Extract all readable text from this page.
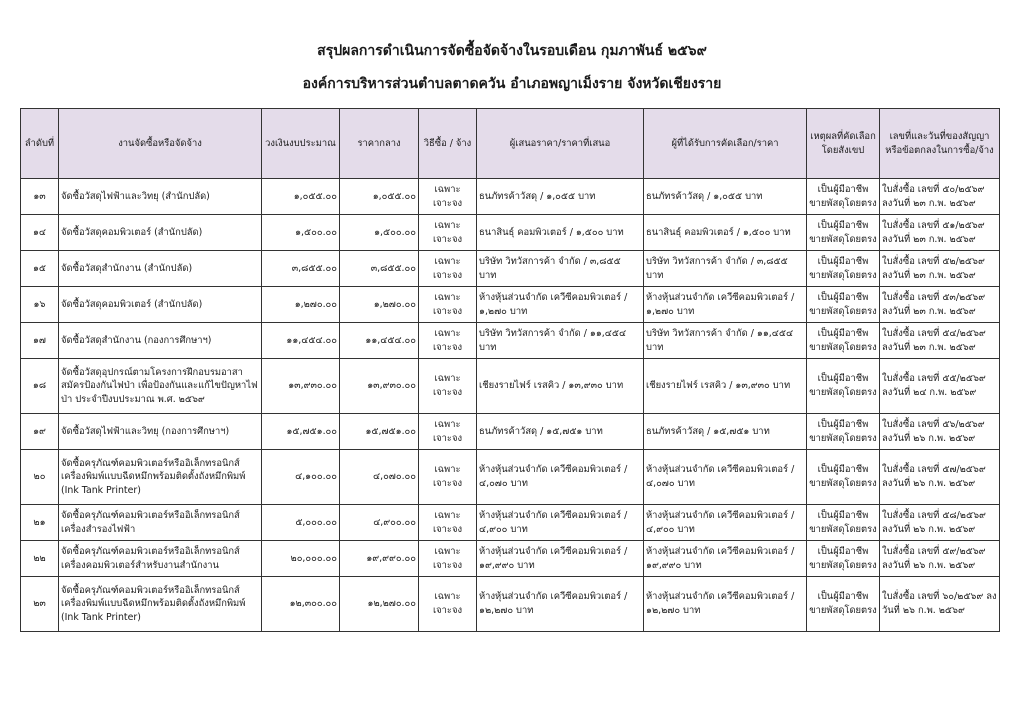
สรุปผลการดำเนินการจัดซื้อจัดจ้างในรอบเดือน กุมภาพันธ์ ๒๕๖๙
องค์การบริหารส่วนตำบลตาดควัน อำเภอพญาเม็งราย จังหวัดเชียงราย
ลำดับที่	งานจัดซื้อหรือจัดจ้าง	วงเงินงบประมาณ	ราคากลาง	วิธีซื้อ / จ้าง	ผู้เสนอราคา/ราคาที่เสนอ	ผู้ที่ได้รับการคัดเลือก/ราคา	เหตุผลที่คัดเลือก โดยสังเขป	เลขที่และวันที่ของสัญญา หรือข้อตกลงในการซื้อ/จ้าง
๑๓	จัดซื้อวัสดุไฟฟ้าและวิทยุ (สำนักปลัด)	๑,๐๕๕.๐๐	๑,๐๕๕.๐๐	เฉพาะเจาะจง	ธนภัทรค้าวัสดุ / ๑,๐๕๕ บาท	ธนภัทรค้าวัสดุ / ๑,๐๕๕ บาท	เป็นผู้มีอาชีพ ขายพัสดุโดยตรง	ใบสั่งซื้อ เลขที่ ๕๐/๒๕๖๙ ลงวันที่ ๒๓ ก.พ. ๒๕๖๙
๑๔	จัดซื้อวัสดุคอมพิวเตอร์ (สำนักปลัด)	๑,๕๐๐.๐๐	๑,๕๐๐.๐๐	เฉพาะเจาะจง	ธนาสินธุ์ คอมพิวเตอร์ / ๑,๕๐๐ บาท	ธนาสินธุ์ คอมพิวเตอร์ / ๑,๕๐๐ บาท	เป็นผู้มีอาชีพ ขายพัสดุโดยตรง	ใบสั่งซื้อ เลขที่ ๕๑/๒๕๖๙ ลงวันที่ ๒๓ ก.พ. ๒๕๖๙
๑๕	จัดซื้อวัสดุสำนักงาน (สำนักปลัด)	๓,๘๕๕.๐๐	๓,๘๕๕.๐๐	เฉพาะเจาะจง	บริษัท วิทวัสการค้า จำกัด / ๓,๘๕๕ บาท	บริษัท วิทวัสการค้า จำกัด / ๓,๘๕๕ บาท	เป็นผู้มีอาชีพ ขายพัสดุโดยตรง	ใบสั่งซื้อ เลขที่ ๕๒/๒๕๖๙ ลงวันที่ ๒๓ ก.พ. ๒๕๖๙
๑๖	จัดซื้อวัสดุคอมพิวเตอร์ (สำนักปลัด)	๑,๒๗๐.๐๐	๑,๒๗๐.๐๐	เฉพาะเจาะจง	ห้างหุ้นส่วนจำกัด เควีซีคอมพิวเตอร์ / ๑,๒๗๐ บาท	ห้างหุ้นส่วนจำกัด เควีซีคอมพิวเตอร์ / ๑,๒๗๐ บาท	เป็นผู้มีอาชีพ ขายพัสดุโดยตรง	ใบสั่งซื้อ เลขที่ ๕๓/๒๕๖๙ ลงวันที่ ๒๓ ก.พ. ๒๕๖๙
๑๗	จัดซื้อวัสดุสำนักงาน (กองการศึกษาฯ)	๑๑,๔๕๔.๐๐	๑๑,๔๕๔.๐๐	เฉพาะเจาะจง	บริษัท วิทวัสการค้า จำกัด / ๑๑,๔๕๔ บาท	บริษัท วิทวัสการค้า จำกัด / ๑๑,๔๕๔ บาท	เป็นผู้มีอาชีพ ขายพัสดุโดยตรง	ใบสั่งซื้อ เลขที่ ๕๔/๒๕๖๙ ลงวันที่ ๒๓ ก.พ. ๒๕๖๙
๑๘	จัดซื้อวัสดุอุปกรณ์ตามโครงการฝึกอบรมอาสาสมัครป้องกันไฟป่า เพื่อป้องกันและแก้ไขปัญหาไฟป่า ประจำปีงบประมาณ พ.ศ. ๒๕๖๙	๑๓,๙๓๐.๐๐	๑๓,๙๓๐.๐๐	เฉพาะเจาะจง	เชียงรายไฟร์ เรสคิว / ๑๓,๙๓๐ บาท	เชียงรายไฟร์ เรสคิว / ๑๓,๙๓๐ บาท	เป็นผู้มีอาชีพ ขายพัสดุโดยตรง	ใบสั่งซื้อ เลขที่ ๕๕/๒๕๖๙ ลงวันที่ ๒๔ ก.พ. ๒๕๖๙
๑๙	จัดซื้อวัสดุไฟฟ้าและวิทยุ (กองการศึกษาฯ)	๑๕,๗๕๑.๐๐	๑๕,๗๕๑.๐๐	เฉพาะเจาะจง	ธนภัทรค้าวัสดุ / ๑๕,๗๕๑ บาท	ธนภัทรค้าวัสดุ / ๑๕,๗๕๑ บาท	เป็นผู้มีอาชีพ ขายพัสดุโดยตรง	ใบสั่งซื้อ เลขที่ ๕๖/๒๕๖๙ ลงวันที่ ๒๖ ก.พ. ๒๕๖๙
๒๐	จัดซื้อครุภัณฑ์คอมพิวเตอร์หรืออิเล็กทรอนิกส์ เครื่องพิมพ์แบบฉีดหมึกพร้อมติดตั้งถังหมึกพิมพ์ (Ink Tank Printer)	๔,๑๐๐.๐๐	๔,๐๗๐.๐๐	เฉพาะเจาะจง	ห้างหุ้นส่วนจำกัด เควีซีคอมพิวเตอร์ / ๔,๐๗๐ บาท	ห้างหุ้นส่วนจำกัด เควีซีคอมพิวเตอร์ / ๔,๐๗๐ บาท	เป็นผู้มีอาชีพ ขายพัสดุโดยตรง	ใบสั่งซื้อ เลขที่ ๕๗/๒๕๖๙ ลงวันที่ ๒๖ ก.พ. ๒๕๖๙
๒๑	จัดซื้อครุภัณฑ์คอมพิวเตอร์หรืออิเล็กทรอนิกส์ เครื่องสำรองไฟฟ้า	๕,๐๐๐.๐๐	๔,๙๐๐.๐๐	เฉพาะเจาะจง	ห้างหุ้นส่วนจำกัด เควีซีคอมพิวเตอร์ / ๔,๙๐๐ บาท	ห้างหุ้นส่วนจำกัด เควีซีคอมพิวเตอร์ / ๔,๙๐๐ บาท	เป็นผู้มีอาชีพ ขายพัสดุโดยตรง	ใบสั่งซื้อ เลขที่ ๕๘/๒๕๖๙ ลงวันที่ ๒๖ ก.พ. ๒๕๖๙
๒๒	จัดซื้อครุภัณฑ์คอมพิวเตอร์หรืออิเล็กทรอนิกส์ เครื่องคอมพิวเตอร์สำหรับงานสำนักงาน	๒๐,๐๐๐.๐๐	๑๙,๙๙๐.๐๐	เฉพาะเจาะจง	ห้างหุ้นส่วนจำกัด เควีซีคอมพิวเตอร์ / ๑๙,๙๙๐ บาท	ห้างหุ้นส่วนจำกัด เควีซีคอมพิวเตอร์ / ๑๙,๙๙๐ บาท	เป็นผู้มีอาชีพ ขายพัสดุโดยตรง	ใบสั่งซื้อ เลขที่ ๕๙/๒๕๖๙ ลงวันที่ ๒๖ ก.พ. ๒๕๖๙
๒๓	จัดซื้อครุภัณฑ์คอมพิวเตอร์หรืออิเล็กทรอนิกส์ เครื่องพิมพ์แบบฉีดหมึกพร้อมติดตั้งถังหมึกพิมพ์ (Ink Tank Printer)	๑๒,๓๐๐.๐๐	๑๒,๒๗๐.๐๐	เฉพาะเจาะจง	ห้างหุ้นส่วนจำกัด เควีซีคอมพิวเตอร์ / ๑๒,๒๗๐ บาท	ห้างหุ้นส่วนจำกัด เควีซีคอมพิวเตอร์ / ๑๒,๒๗๐ บาท	เป็นผู้มีอาชีพ ขายพัสดุโดยตรง	ใบสั่งซื้อ เลขที่ ๖๐/๒๕๖๙ ลงวันที่ ๒๖ ก.พ. ๒๕๖๙
